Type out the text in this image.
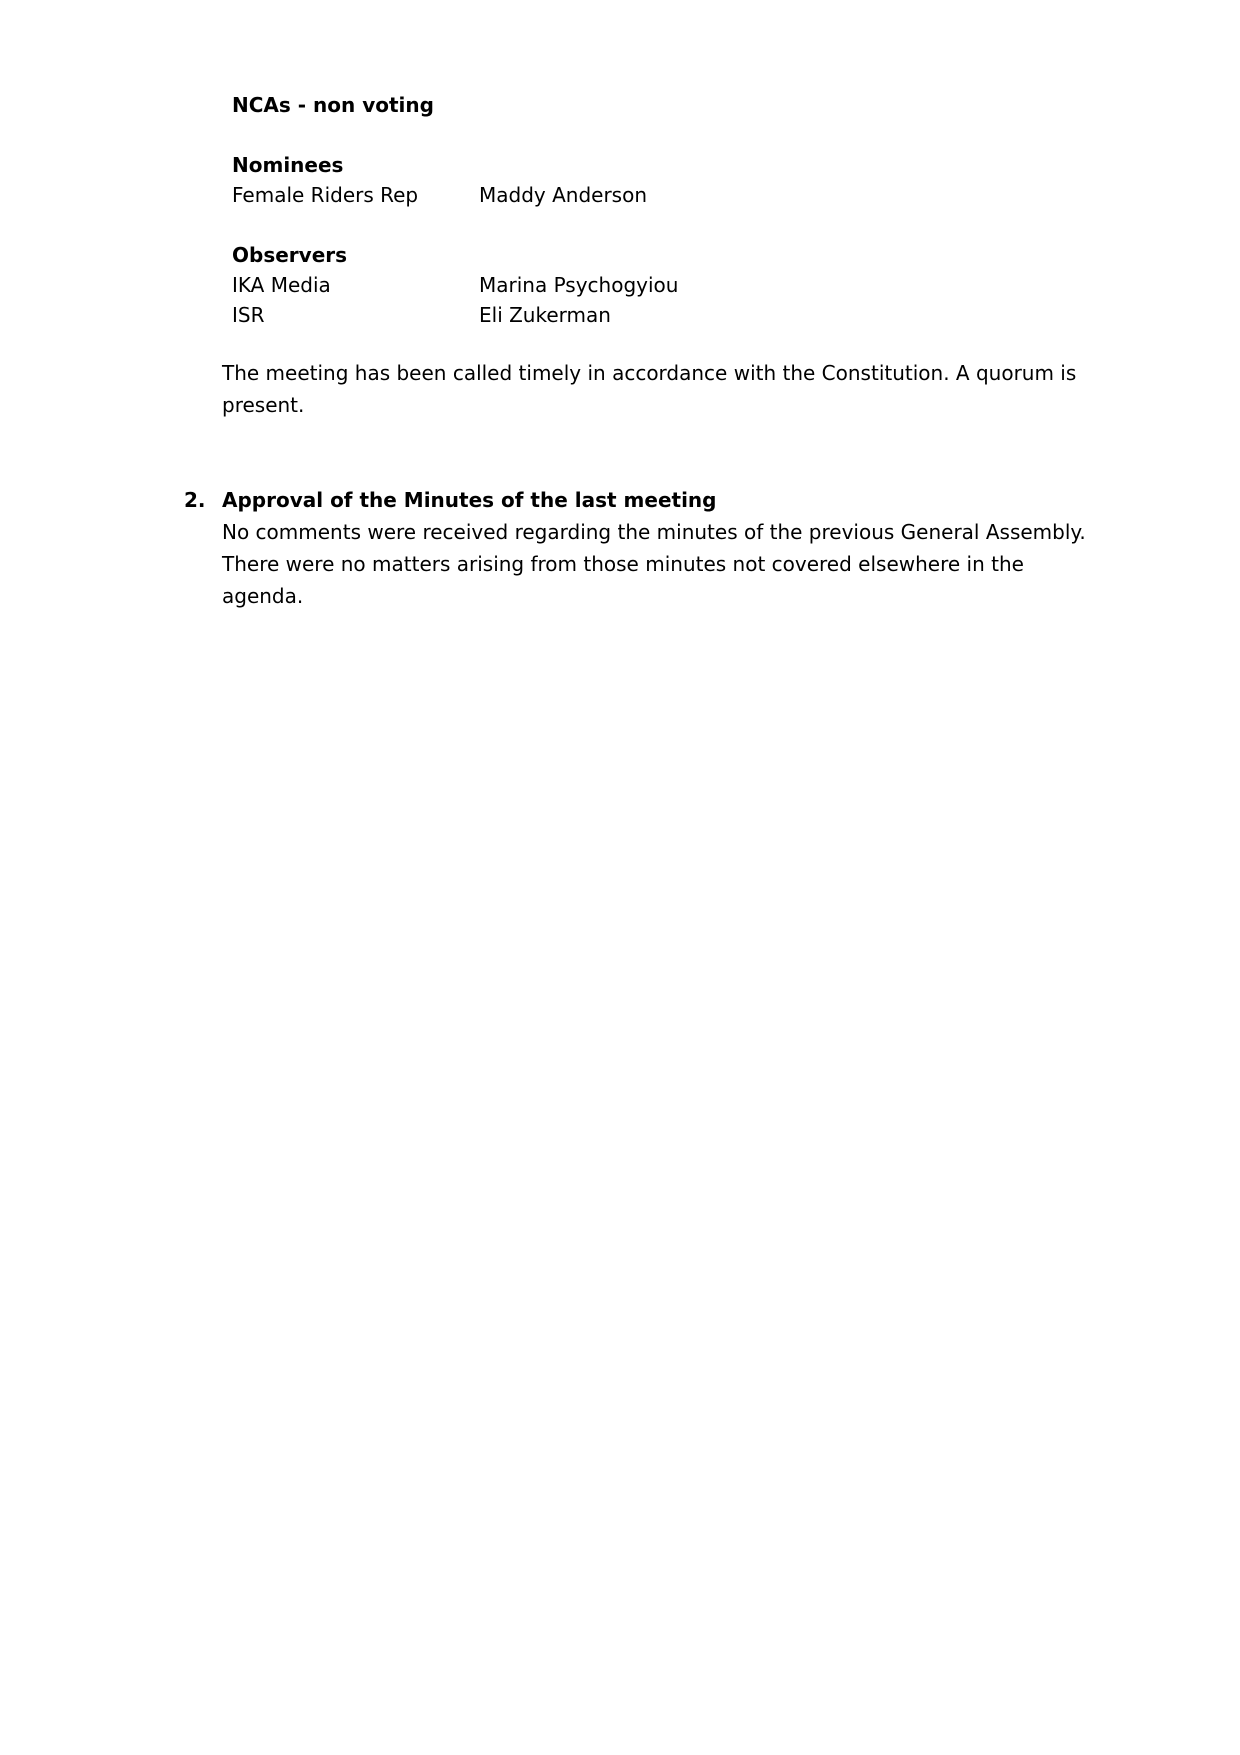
NCAs - non voting
Nominees
Female Riders Rep	Maddy Anderson
Observers
IKA Media	Marina Psychogyiou
ISR	Eli Zukerman
The meeting has been called timely in accordance with the Constitution. A quorum is present.
2. Approval of the Minutes of the last meeting
No comments were received regarding the minutes of the previous General Assembly. There were no matters arising from those minutes not covered elsewhere in the agenda.
